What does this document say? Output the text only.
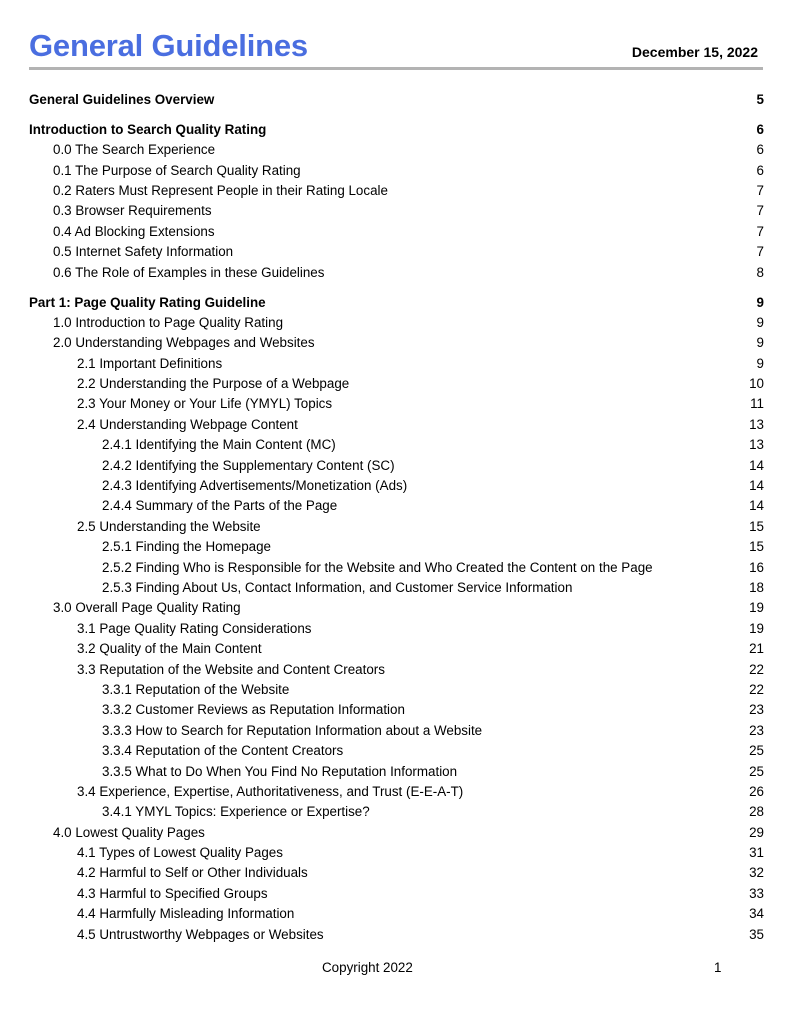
General Guidelines	December 15, 2022
General Guidelines Overview	5
Introduction to Search Quality Rating	6
0.0 The Search Experience	6
0.1 The Purpose of Search Quality Rating	6
0.2 Raters Must Represent People in their Rating Locale	7
0.3 Browser Requirements	7
0.4 Ad Blocking Extensions	7
0.5 Internet Safety Information	7
0.6 The Role of Examples in these Guidelines	8
Part 1: Page Quality Rating Guideline	9
1.0 Introduction to Page Quality Rating	9
2.0 Understanding Webpages and Websites	9
2.1 Important Definitions	9
2.2 Understanding the Purpose of a Webpage	10
2.3 Your Money or Your Life (YMYL) Topics	11
2.4 Understanding Webpage Content	13
2.4.1 Identifying the Main Content (MC)	13
2.4.2 Identifying the Supplementary Content (SC)	14
2.4.3 Identifying Advertisements/Monetization (Ads)	14
2.4.4 Summary of the Parts of the Page	14
2.5 Understanding the Website	15
2.5.1 Finding the Homepage	15
2.5.2 Finding Who is Responsible for the Website and Who Created the Content on the Page	16
2.5.3 Finding About Us, Contact Information, and Customer Service Information	18
3.0 Overall Page Quality Rating	19
3.1 Page Quality Rating Considerations	19
3.2 Quality of the Main Content	21
3.3 Reputation of the Website and Content Creators	22
3.3.1 Reputation of the Website	22
3.3.2 Customer Reviews as Reputation Information	23
3.3.3 How to Search for Reputation Information about a Website	23
3.3.4 Reputation of the Content Creators	25
3.3.5 What to Do When You Find No Reputation Information	25
3.4 Experience, Expertise, Authoritativeness, and Trust (E-E-A-T)	26
3.4.1 YMYL Topics: Experience or Expertise?	28
4.0 Lowest Quality Pages	29
4.1 Types of Lowest Quality Pages	31
4.2 Harmful to Self or Other Individuals	32
4.3 Harmful to Specified Groups	33
4.4 Harmfully Misleading Information	34
4.5 Untrustworthy Webpages or Websites	35
Copyright 2022	1
